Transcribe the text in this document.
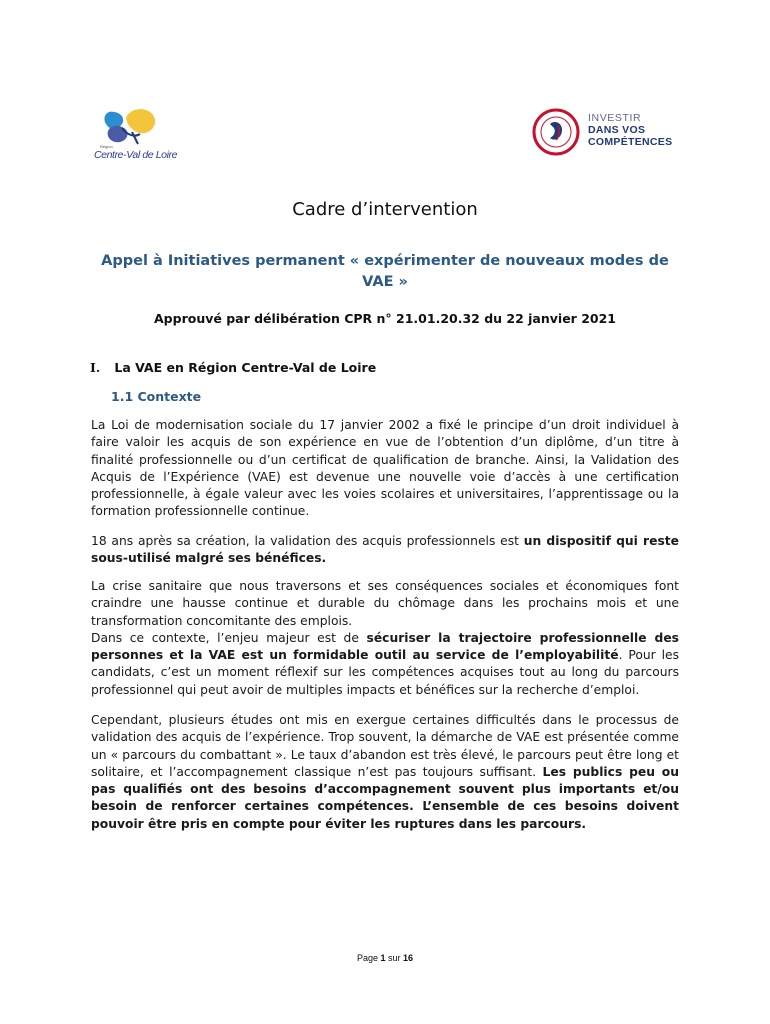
Région
Centre-Val de Loire
INVESTIR
DANS VOS
COMPÉTENCES
Cadre d’intervention
Appel à Initiatives permanent « expérimenter de nouveaux modes de VAE »
Approuvé par délibération CPR n° 21.01.20.32 du 22 janvier 2021
I. La VAE en Région Centre-Val de Loire
1.1 Contexte
La Loi de modernisation sociale du 17 janvier 2002 a fixé le principe d’un droit individuel à faire valoir les acquis de son expérience en vue de l’obtention d’un diplôme, d’un titre à finalité professionnelle ou d’un certificat de qualification de branche. Ainsi, la Validation des Acquis de l’Expérience (VAE) est devenue une nouvelle voie d’accès à une certification professionnelle, à égale valeur avec les voies scolaires et universitaires, l’apprentissage ou la formation professionnelle continue.
18 ans après sa création, la validation des acquis professionnels est un dispositif qui reste sous-utilisé malgré ses bénéfices.
La crise sanitaire que nous traversons et ses conséquences sociales et économiques font craindre une hausse continue et durable du chômage dans les prochains mois et une transformation concomitante des emplois.
Dans ce contexte, l’enjeu majeur est de sécuriser la trajectoire professionnelle des personnes et la VAE est un formidable outil au service de l’employabilité. Pour les candidats, c’est un moment réflexif sur les compétences acquises tout au long du parcours professionnel qui peut avoir de multiples impacts et bénéfices sur la recherche d’emploi.
Cependant, plusieurs études ont mis en exergue certaines difficultés dans le processus de validation des acquis de l’expérience. Trop souvent, la démarche de VAE est présentée comme un « parcours du combattant ». Le taux d’abandon est très élevé, le parcours peut être long et solitaire, et l’accompagnement classique n’est pas toujours suffisant. Les publics peu ou pas qualifiés ont des besoins d’accompagnement souvent plus importants et/ou besoin de renforcer certaines compétences. L’ensemble de ces besoins doivent pouvoir être pris en compte pour éviter les ruptures dans les parcours.
Page 1 sur 16
